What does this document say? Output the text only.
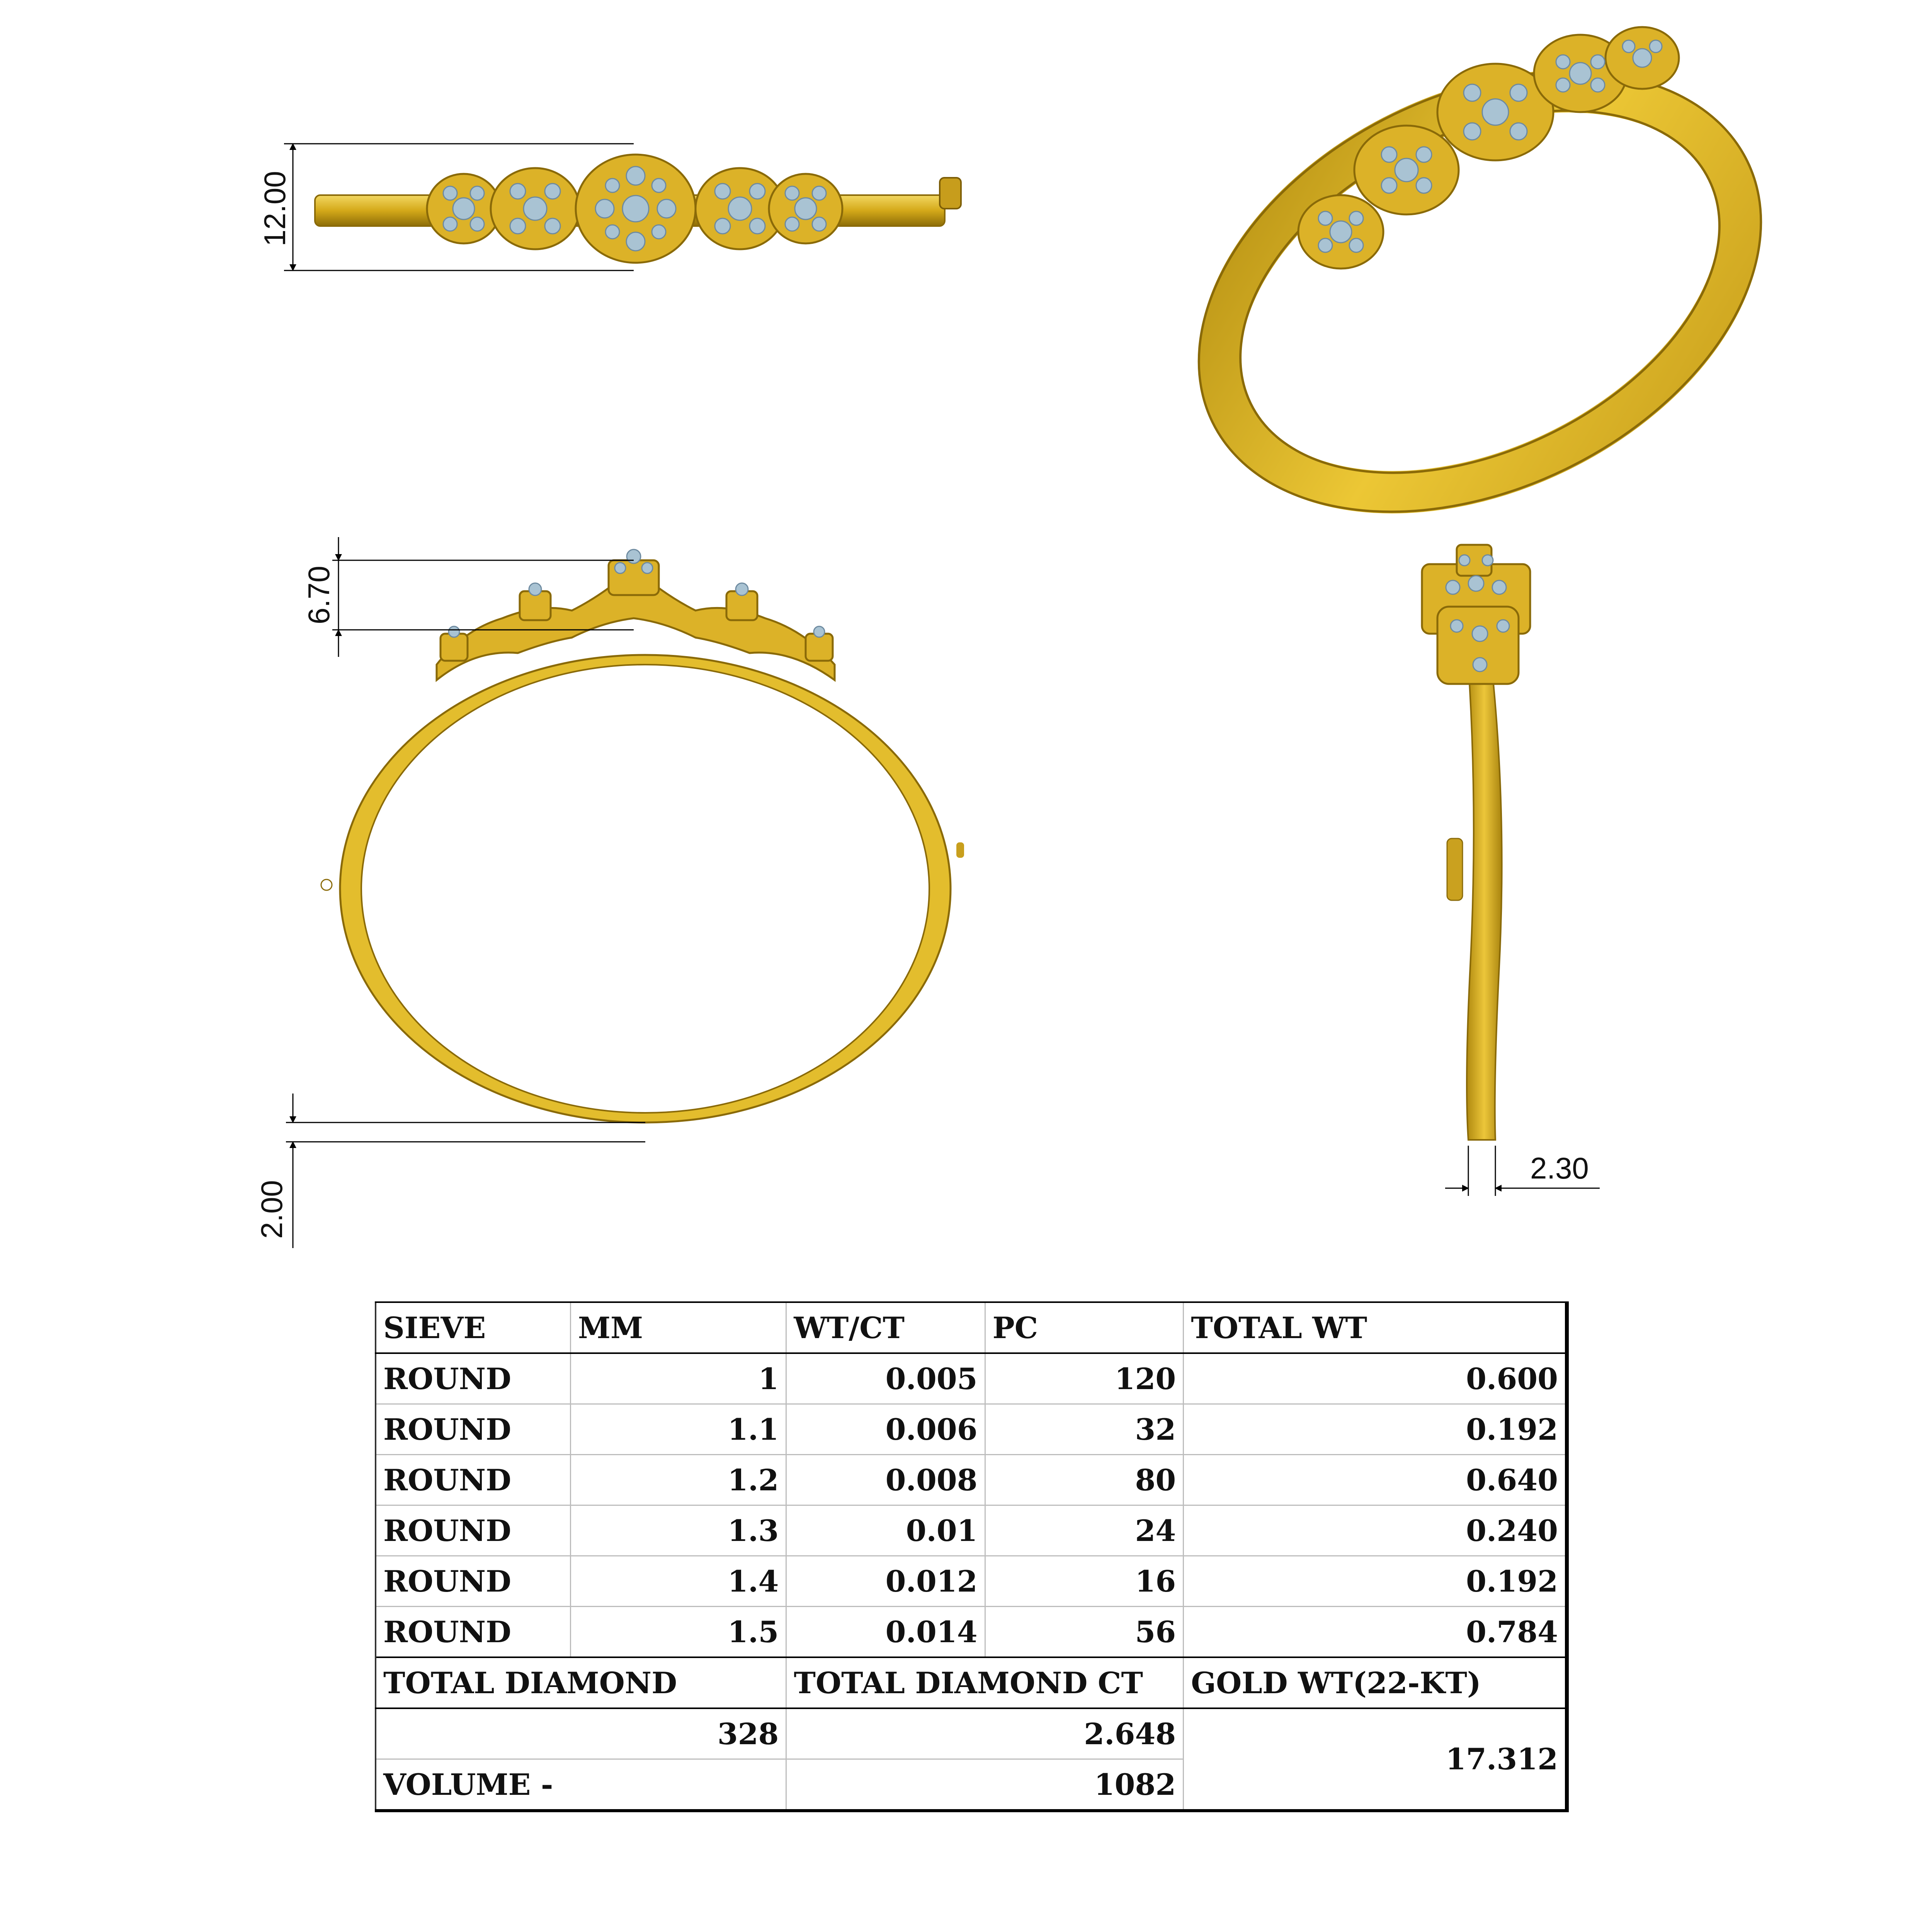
12.00
6.70
2.00
2.30
SIEVE	MM	WT/CT	PC	TOTAL WT
ROUND	1	0.005	120	0.600
ROUND	1.1	0.006	32	0.192
ROUND	1.2	0.008	80	0.640
ROUND	1.3	0.01	24	0.240
ROUND	1.4	0.012	16	0.192
ROUND	1.5	0.014	56	0.784
TOTAL DIAMOND		TOTAL DIAMOND CT		GOLD WT(22-KT)
328		2.648		17.312
VOLUME -		1082		
